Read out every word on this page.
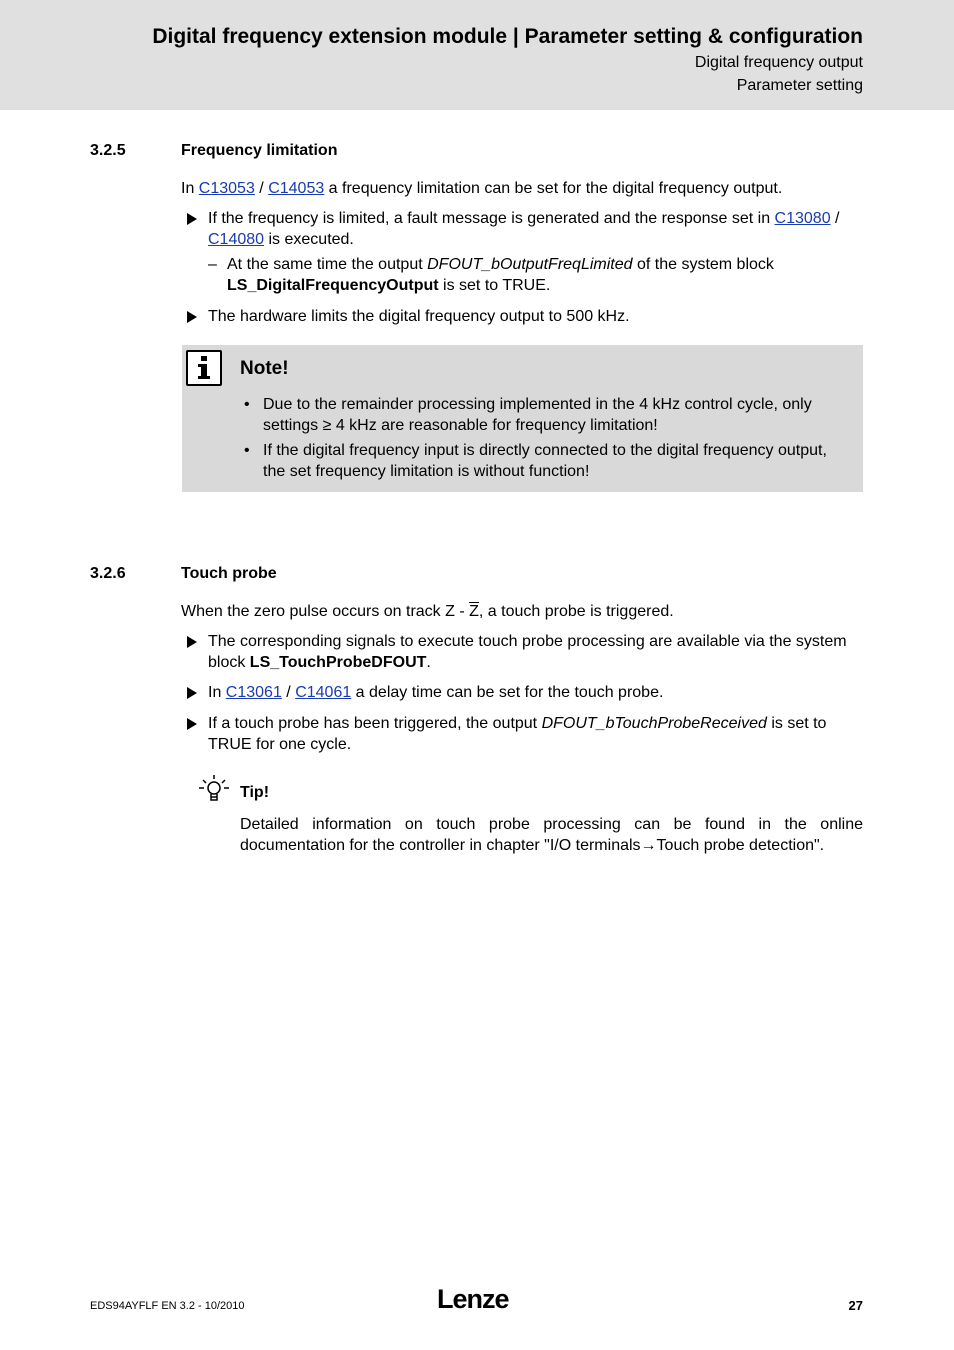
Digital frequency extension module | Parameter setting & configuration
Digital frequency output
Parameter setting
3.2.5	Frequency limitation
In C13053 / C14053 a frequency limitation can be set for the digital frequency output.
If the frequency is limited, a fault message is generated and the response set in C13080 / C14080 is executed.
– At the same time the output DFOUT_bOutputFreqLimited of the system block LS_DigitalFrequencyOutput is set to TRUE.
The hardware limits the digital frequency output to 500 kHz.
Note!
• Due to the remainder processing implemented in the 4 kHz control cycle, only settings ≥ 4 kHz are reasonable for frequency limitation!
• If the digital frequency input is directly connected to the digital frequency output, the set frequency limitation is without function!
3.2.6	Touch probe
When the zero pulse occurs on track Z - $\overline{Z}$, a touch probe is triggered.
The corresponding signals to execute touch probe processing are available via the system block LS_TouchProbeDFOUT.
In C13061 / C14061 a delay time can be set for the touch probe.
If a touch probe has been triggered, the output DFOUT_bTouchProbeReceived is set to TRUE for one cycle.
Tip!
Detailed information on touch probe processing can be found in the online documentation for the controller in chapter "I/O terminals→Touch probe detection".
EDS94AYFLF EN 3.2 - 10/2010	Lenze	27
